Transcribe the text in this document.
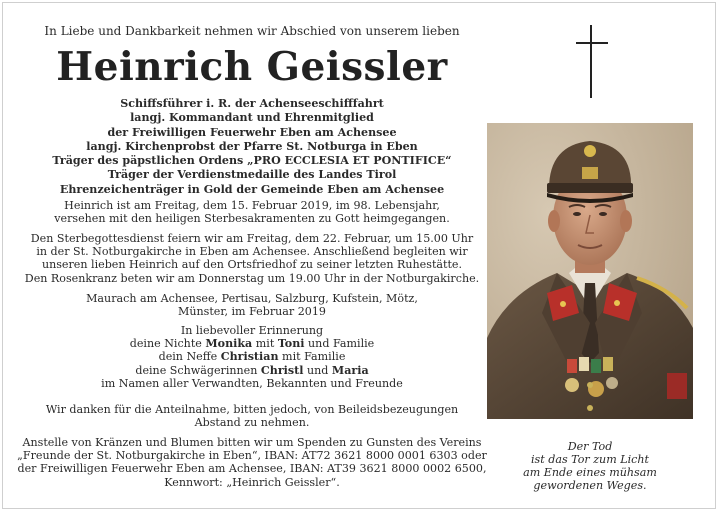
In Liebe und Dankbarkeit nehmen wir Abschied von unserem lieben
Heinrich Geissler
Schiffsführer i. R. der Achenseeschifffahrt
langj. Kommandant und Ehrenmitglied
der Freiwilligen Feuerwehr Eben am Achensee
langj. Kirchenprobst der Pfarre St. Notburga in Eben
Träger des päpstlichen Ordens „PRO ECCLESIA ET PONTIFICE“
Träger der Verdienstmedaille des Landes Tirol
Ehrenzeichenträger in Gold der Gemeinde Eben am Achensee
Heinrich ist am Freitag, dem 15. Februar 2019, im 98. Lebensjahr,
versehen mit den heiligen Sterbesakramenten zu Gott heimgegangen.
Den Sterbegottesdienst feiern wir am Freitag, dem 22. Februar, um 15.00 Uhr
in der St. Notburgakirche in Eben am Achensee. Anschließend begleiten wir
unseren lieben Heinrich auf den Ortsfriedhof zu seiner letzten Ruhestätte.
Den Rosenkranz beten wir am Donnerstag um 19.00 Uhr in der Notburgakirche.
Maurach am Achensee, Pertisau, Salzburg, Kufstein, Mötz,
Münster, im Februar 2019
In liebevoller Erinnerung
deine Nichte Monika mit Toni und Familie
dein Neffe Christian mit Familie
deine Schwägerinnen Christl und Maria
im Namen aller Verwandten, Bekannten und Freunde
Wir danken für die Anteilnahme, bitten jedoch, von Beileidsbezeugungen
Abstand zu nehmen.
Anstelle von Kränzen und Blumen bitten wir um Spenden zu Gunsten des Vereins
„Freunde der St. Notburgakirche in Eben“, IBAN: AT72 3621 8000 0001 6303 oder
der Freiwilligen Feuerwehr Eben am Achensee, IBAN: AT39 3621 8000 0002 6500,
Kennwort: „Heinrich Geissler“.
Der Tod
ist das Tor zum Licht
am Ende eines mühsam
gewordenen Weges.
